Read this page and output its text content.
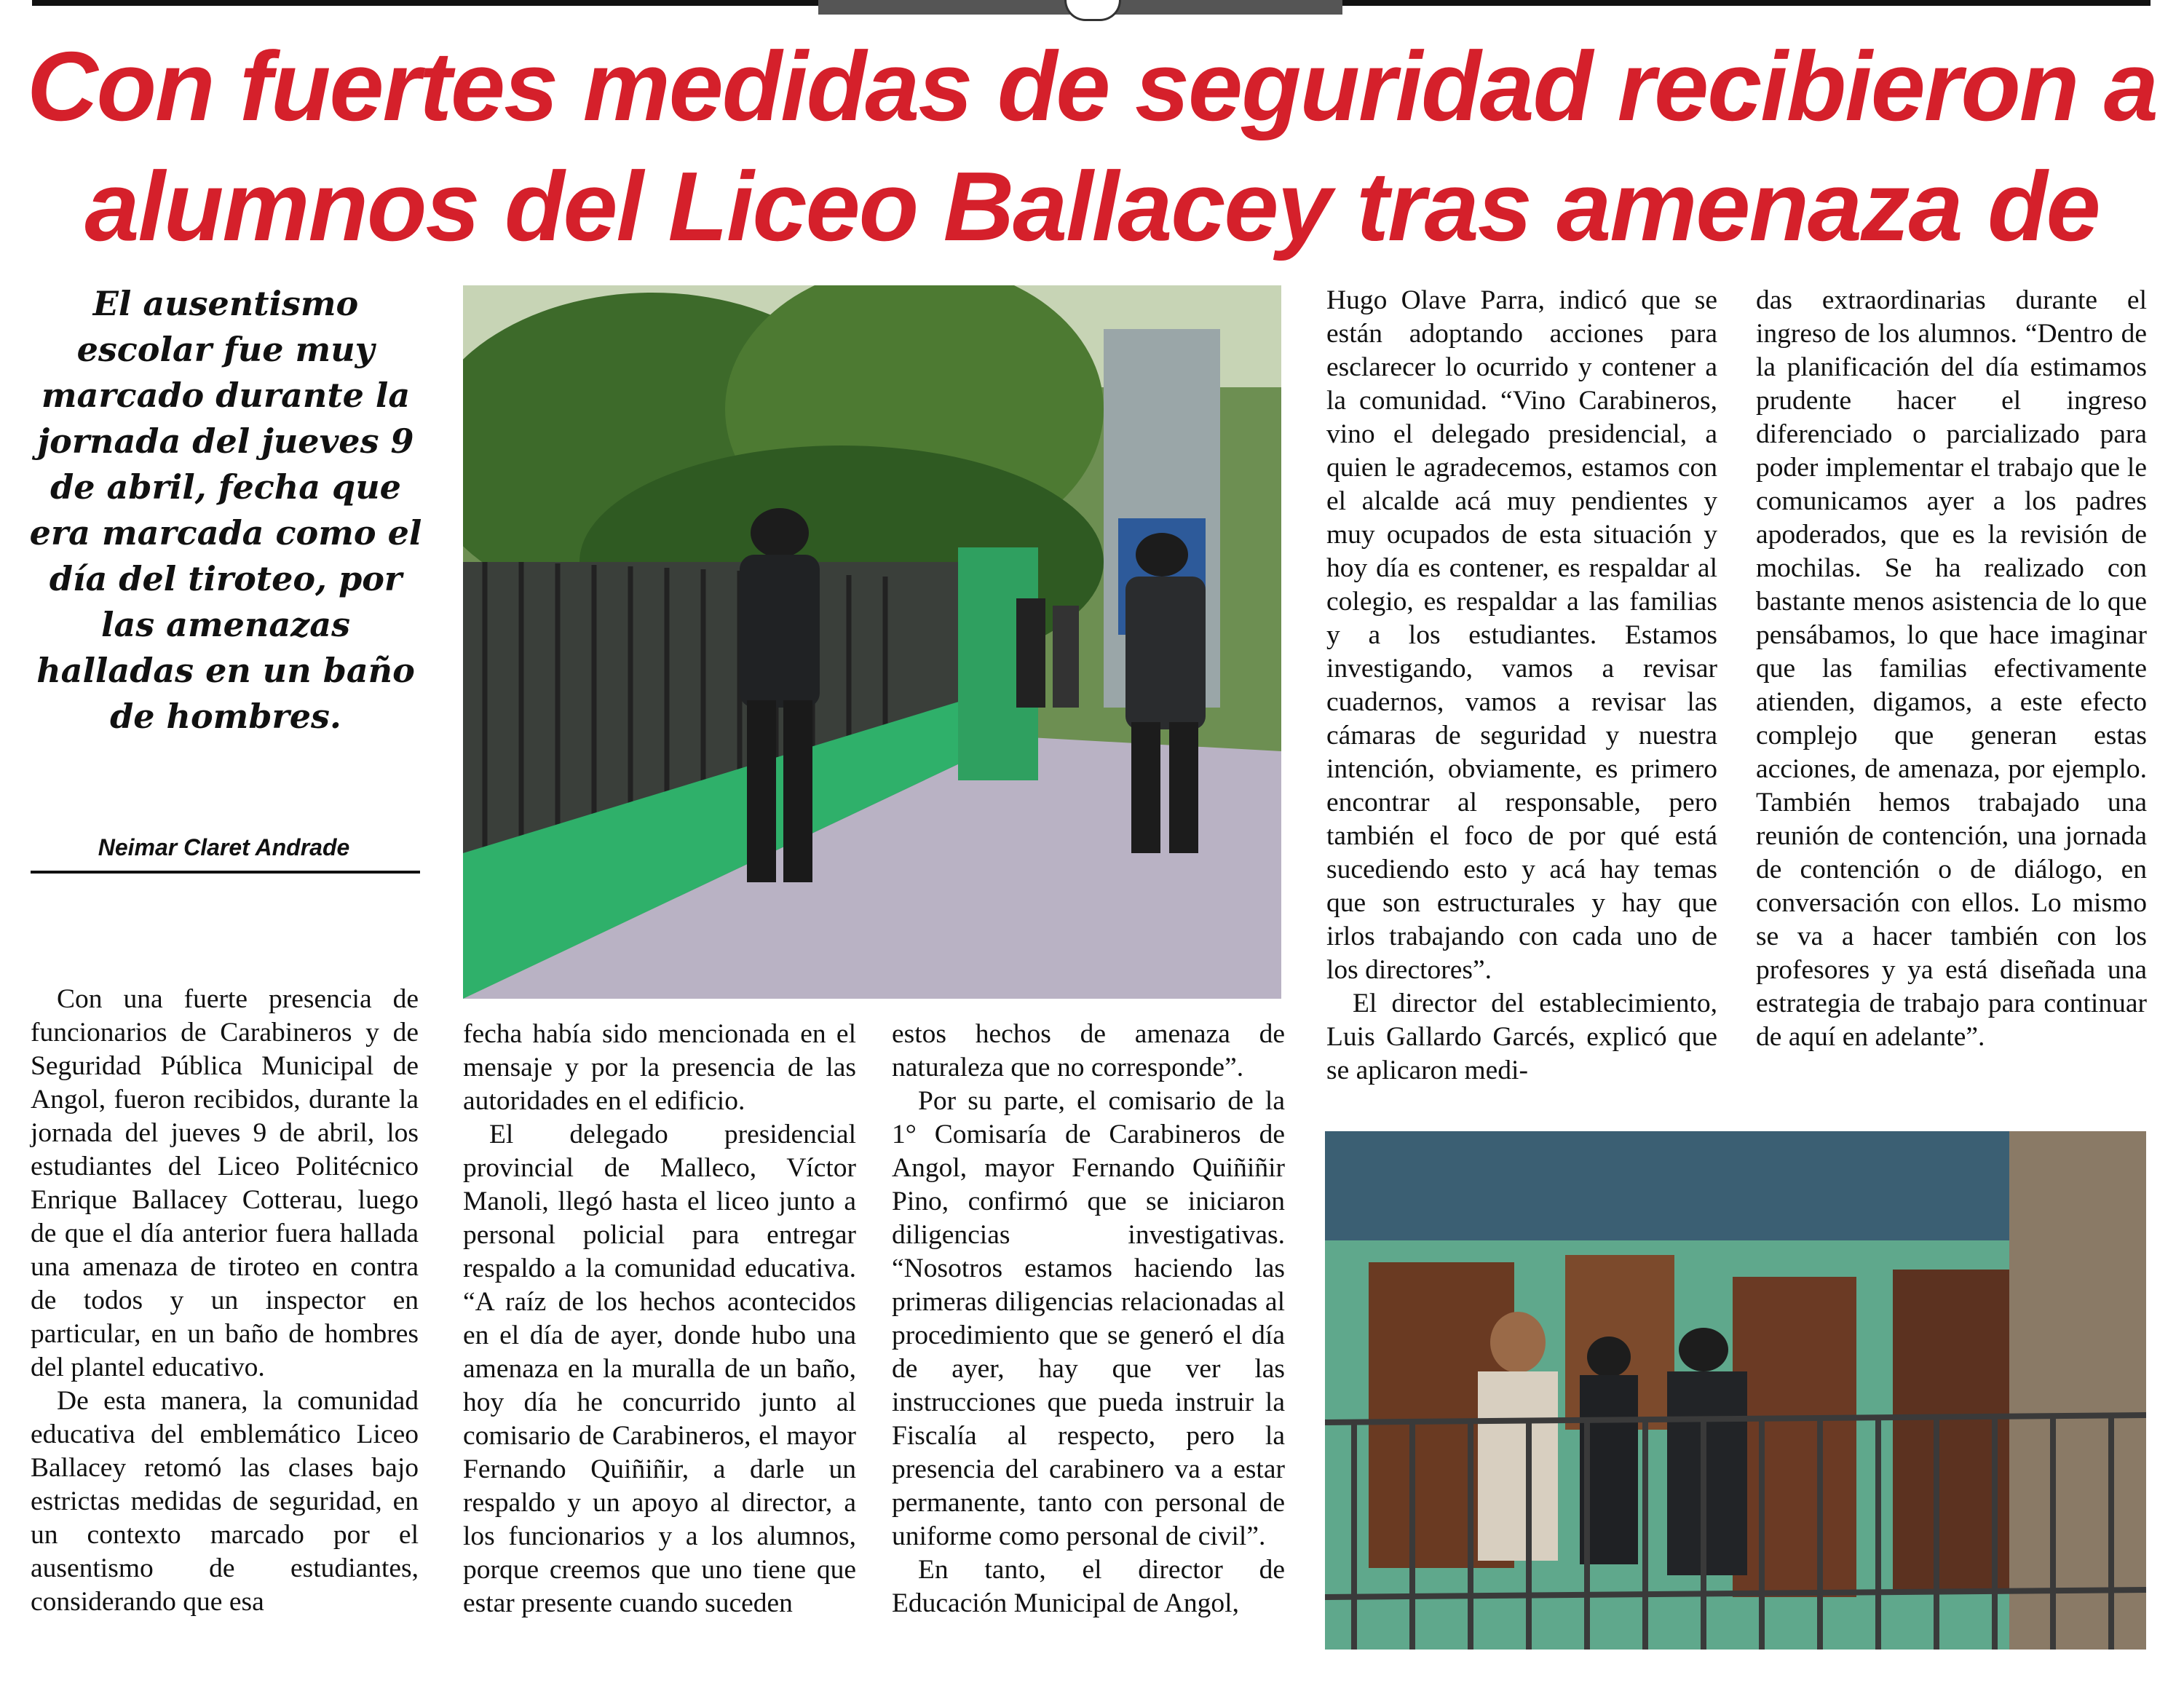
Con fuertes medidas de seguridad recibieron a alumnos del Liceo Ballacey tras amenaza de

El ausentismo escolar fue muy marcado durante la jornada del jueves 9 de abril, fecha que era marcada como el día del tiroteo, por las amenazas halladas en un baño de hombres.

Neimar Claret Andrade

Con una fuerte presencia de funcionarios de Carabineros y de Seguridad Pública Municipal de Angol, fueron recibidos, durante la jornada del jueves 9 de abril, los estudiantes del Liceo Politécnico Enrique Ballacey Cotterau, luego de que el día anterior fuera hallada una amenaza de tiroteo en contra de todos y un inspector en particular, en un baño de hombres del plantel educativo.

De esta manera, la comunidad educativa del emblemático Liceo Ballacey retomó las clases bajo estrictas medidas de seguridad, en un contexto marcado por el ausentismo de estudiantes, considerando que esa

fecha había sido mencionada en el mensaje y por la presencia de las autoridades en el edificio.

El delegado presidencial provincial de Malleco, Víctor Manoli, llegó hasta el liceo junto a personal policial para entregar respaldo a la comunidad educativa. “A raíz de los hechos acontecidos en el día de ayer, donde hubo una amenaza en la muralla de un baño, hoy día he concurrido junto al comisario de Carabineros, el mayor Fernando Quiñiñir, a darle un respaldo y un apoyo al director, a los funcionarios y a los alumnos, porque creemos que uno tiene que estar presente cuando suceden

estos hechos de amenaza de naturaleza que no corresponde”.

Por su parte, el comisario de la 1° Comisaría de Carabineros de Angol, mayor Fernando Quiñiñir Pino, confirmó que se iniciaron diligencias investigativas. “Nosotros estamos haciendo las primeras diligencias relacionadas al procedimiento que se generó el día de ayer, hay que ver las instrucciones que pueda instruir la Fiscalía al respecto, pero la presencia del carabinero va a estar permanente, tanto con personal de uniforme como personal de civil”.

En tanto, el director de Educación Municipal de Angol,

Hugo Olave Parra, indicó que se están adoptando acciones para esclarecer lo ocurrido y contener a la comunidad. “Vino Carabineros, vino el delegado presidencial, a quien le agradecemos, estamos con el alcalde acá muy pendientes y muy ocupados de esta situación y hoy día es contener, es respaldar al colegio, es respaldar a las familias y a los estudiantes. Estamos investigando, vamos a revisar cuadernos, vamos a revisar las cámaras de seguridad y nuestra intención, obviamente, es primero encontrar al responsable, pero también el foco de por qué está sucediendo esto y acá hay temas que son estructurales y hay que irlos trabajando con cada uno de los directores”.

El director del establecimiento, Luis Gallardo Garcés, explicó que se aplicaron medi-

das extraordinarias durante el ingreso de los alumnos. “Dentro de la planificación del día estimamos prudente hacer el ingreso diferenciado o parcializado para poder implementar el trabajo que le comunicamos ayer a los padres apoderados, que es la revisión de mochilas. Se ha realizado con bastante menos asistencia de lo que pensábamos, lo que hace imaginar que las familias efectivamente atienden, digamos, a este efecto complejo que generan estas acciones, de amenaza, por ejemplo. También hemos trabajado una reunión de contención, una jornada de contención o de diálogo, en conversación con ellos. Lo mismo se va a hacer también con los profesores y ya está diseñada una estrategia de trabajo para continuar de aquí en adelante”.
